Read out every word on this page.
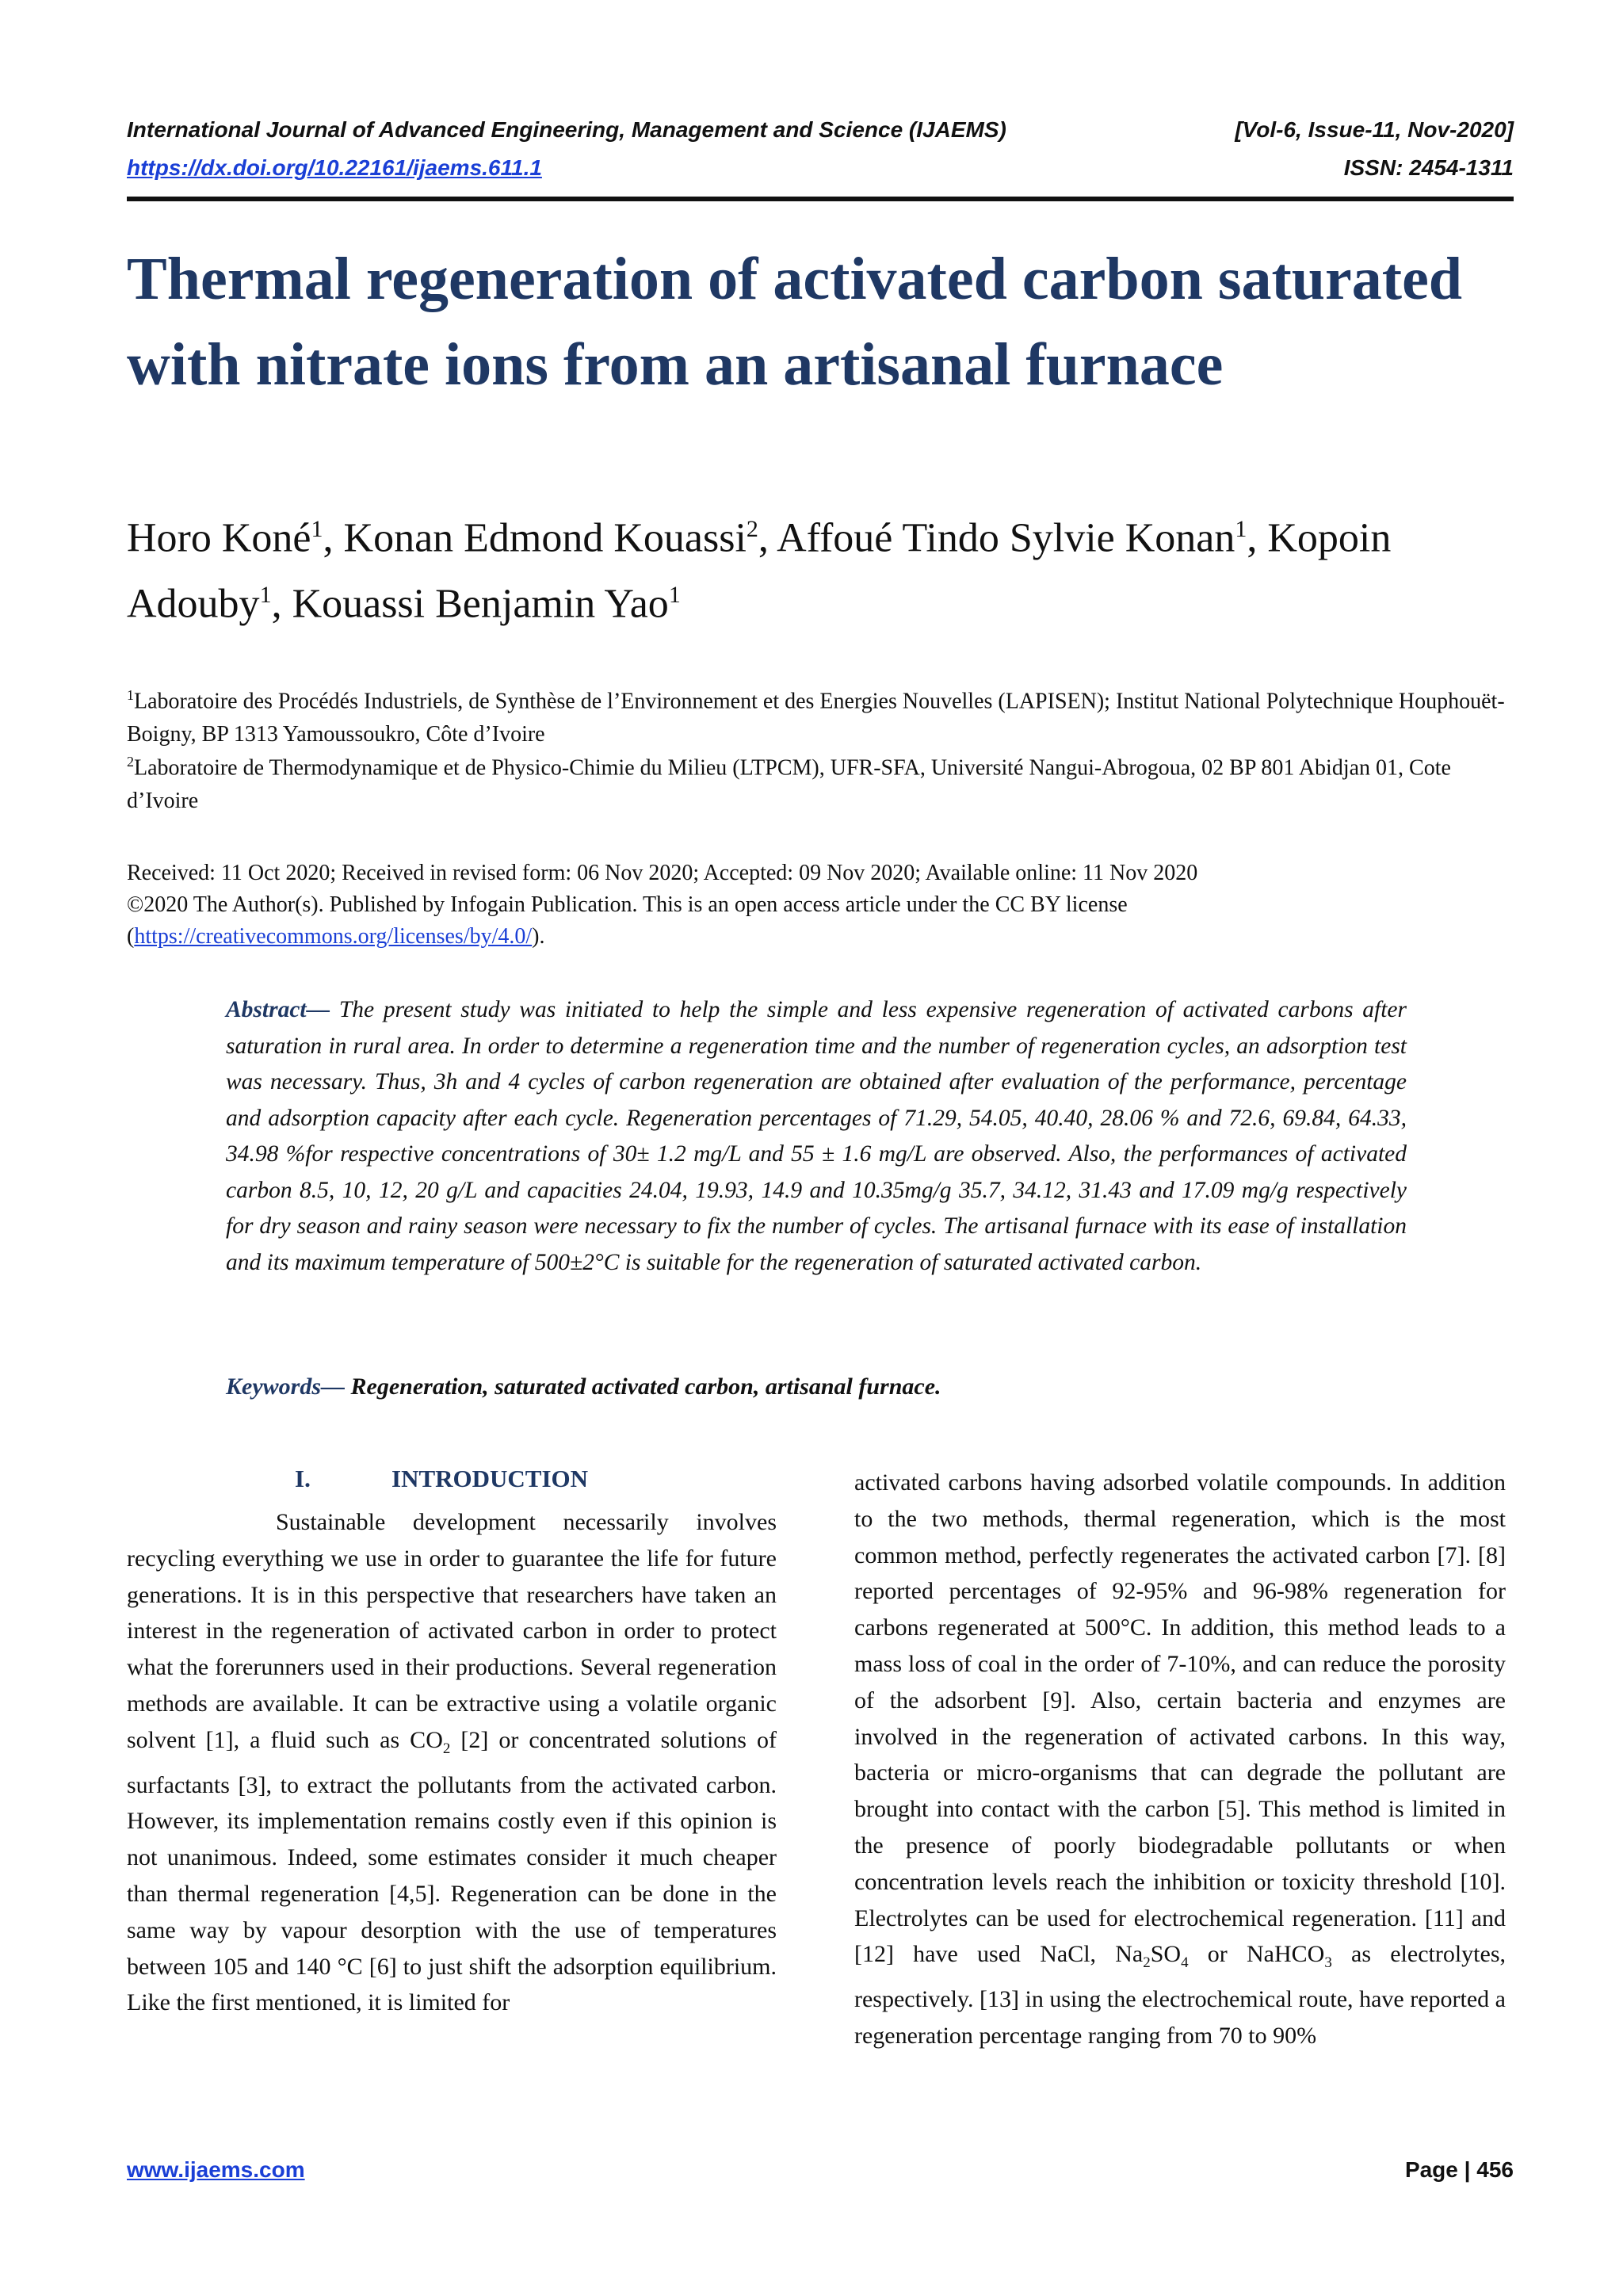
International Journal of Advanced Engineering, Management and Science (IJAEMS)	[Vol-6, Issue-11, Nov-2020]
https://dx.doi.org/10.22161/ijaems.611.1	ISSN: 2454-1311
Thermal regeneration of activated carbon saturated with nitrate ions from an artisanal furnace
Horo Koné$^1$, Konan Edmond Kouassi$^2$, Affoué Tindo Sylvie Konan$^1$, Kopoin Adouby$^1$, Kouassi Benjamin Yao$^1$
$^1$Laboratoire des Procédés Industriels, de Synthèse de l’Environnement et des Energies Nouvelles (LAPISEN); Institut National Polytechnique Houphouët-Boigny, BP 1313 Yamoussoukro, Côte d’Ivoire
$^2$Laboratoire de Thermodynamique et de Physico-Chimie du Milieu (LTPCM), UFR-SFA, Université Nangui-Abrogoua, 02 BP 801 Abidjan 01, Cote d’Ivoire
Received: 11 Oct 2020; Received in revised form: 06 Nov 2020; Accepted: 09 Nov 2020; Available online: 11 Nov 2020
©2020 The Author(s). Published by Infogain Publication. This is an open access article under the CC BY license
(https://creativecommons.org/licenses/by/4.0/).
Abstract— The present study was initiated to help the simple and less expensive regeneration of activated carbons after saturation in rural area. In order to determine a regeneration time and the number of regeneration cycles, an adsorption test was necessary. Thus, 3h and 4 cycles of carbon regeneration are obtained after evaluation of the performance, percentage and adsorption capacity after each cycle. Regeneration percentages of 71.29, 54.05, 40.40, 28.06 % and 72.6, 69.84, 64.33, 34.98 %for respective concentrations of 30± 1.2 mg/L and 55 ± 1.6 mg/L are observed. Also, the performances of activated carbon 8.5, 10, 12, 20 g/L and capacities 24.04, 19.93, 14.9 and 10.35mg/g 35.7, 34.12, 31.43 and 17.09 mg/g respectively for dry season and rainy season were necessary to fix the number of cycles. The artisanal furnace with its ease of installation and its maximum temperature of 500±2°C is suitable for the regeneration of saturated activated carbon.
Keywords— Regeneration, saturated activated carbon, artisanal furnace.
I.	INTRODUCTION
Sustainable development necessarily involves recycling everything we use in order to guarantee the life for future generations. It is in this perspective that researchers have taken an interest in the regeneration of activated carbon in order to protect what the forerunners used in their productions. Several regeneration methods are available. It can be extractive using a volatile organic solvent [1], a fluid such as $CO_2$ [2] or concentrated solutions of surfactants [3], to extract the pollutants from the activated carbon. However, its implementation remains costly even if this opinion is not unanimous. Indeed, some estimates consider it much cheaper than thermal regeneration [4,5]. Regeneration can be done in the same way by vapour desorption with the use of temperatures between 105 and 140 °C [6] to just shift the adsorption equilibrium. Like the first mentioned, it is limited for
activated carbons having adsorbed volatile compounds. In addition to the two methods, thermal regeneration, which is the most common method, perfectly regenerates the activated carbon [7]. [8] reported percentages of 92-95% and 96-98% regeneration for carbons regenerated at 500°C. In addition, this method leads to a mass loss of coal in the order of 7-10%, and can reduce the porosity of the adsorbent [9]. Also, certain bacteria and enzymes are involved in the regeneration of activated carbons. In this way, bacteria or micro-organisms that can degrade the pollutant are brought into contact with the carbon [5]. This method is limited in the presence of poorly biodegradable pollutants or when concentration levels reach the inhibition or toxicity threshold [10]. Electrolytes can be used for electrochemical regeneration. [11] and [12] have used NaCl, $Na_2SO_4$ or NaHCO$_3$ as electrolytes, respectively. [13] in using the electrochemical route, have reported a regeneration percentage ranging from 70 to 90%
www.ijaems.com	Page | 456
